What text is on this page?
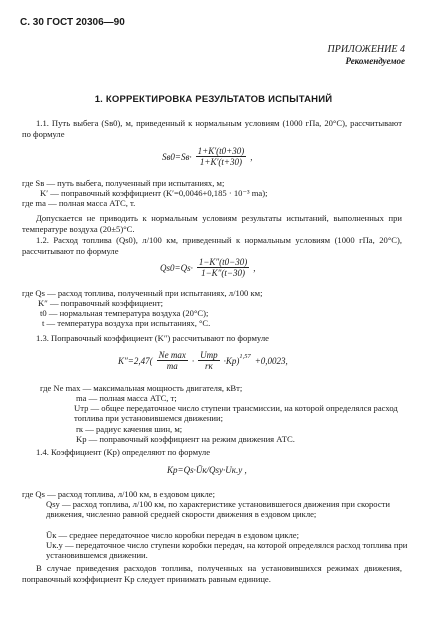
С. 30 ГОСТ 20306—90
ПРИЛОЖЕНИЕ 4
Рекомендуемое
1. КОРРЕКТИРОВКА РЕЗУЛЬТАТОВ ИСПЫТАНИЙ
1.1. Путь выбега (Sв0), м, приведенный к нормальным условиям (1000 гПа, 20°С), рассчитывают по формуле
$Sв0=Sв\cdot \frac{1+K'(t0+30)}{1+K'(t+30)}$ ,
где Sв — путь выбега, полученный при испытаниях, м;
K′ — поправочный коэффициент (K′=0,0046+0,185 · 10⁻³ mа);
где mа — полная масса АТС, т.
Допускается не приводить к нормальным условиям результаты испытаний, выполненных при температуре воздуха (20±5)°С.
1.2. Расход топлива (Qs0), л/100 км, приведенный к нормальным условиям (1000 гПа, 20°С), рассчитывают по формуле
$Qs0=Qs\cdot \frac{1-K''(t0-30)}{1-K''(t-30)}$ ,
где Qs — расход топлива, полученный при испытаниях, л/100 км;
K″ — поправочный коэффициент;
t0 — нормальная температура воздуха (20°С);
t — температура воздуха при испытаниях, °С.
1.3. Поправочный коэффициент (K″) рассчитывают по формуле
$K''=2,47( \frac{\text{Ne max}}{mа} \cdot \frac{\text{Uтр}}{rк} \cdot Kр)^{1,57} +0,0023$,
где Ne max — максимальная мощность двигателя, кВт;
mа — полная масса АТС, т;
Uтр — общее передаточное число ступени трансмиссии, на которой определялся расход топлива при установившемся движении;
rк — радиус качения шин, м;
Kр — поправочный коэффициент на режим движения АТС.
1.4. Коэффициент (Kр) определяют по формуле
Kр=Qs·Ūк/Qsу·Uк.у ,
где Qs — расход топлива, л/100 км, в ездовом цикле;
Qsу — расход топлива, л/100 км, по характеристике установившегося движения при скорости движения, численно равной средней скорости движения в ездовом цикле;
Ūк — среднее передаточное число коробки передач в ездовом цикле;
Uк.у — передаточное число ступени коробки передач, на которой определялся расход топлива при установившемся движении.
В случае приведения расходов топлива, полученных на установившихся режимах движения, поправочный коэффициент Kр следует принимать равным единице.
